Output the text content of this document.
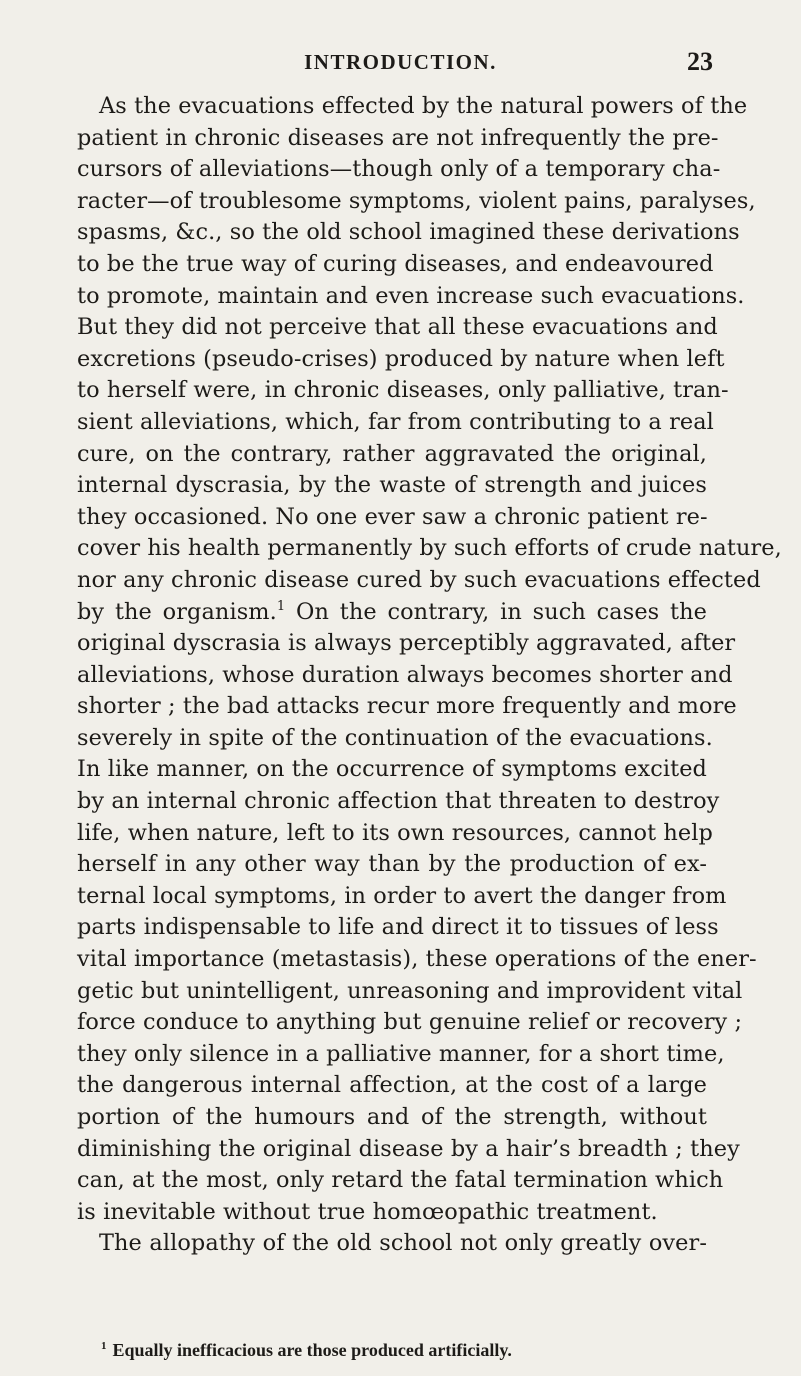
INTRODUCTION.	23
As the evacuations effected by the natural powers of the
patient in chronic diseases are not infrequently the pre-
cursors of alleviations—though only of a temporary cha-
racter—of troublesome symptoms, violent pains, paralyses,
spasms, &c., so the old school imagined these derivations
to be the true way of curing diseases, and endeavoured
to promote, maintain and even increase such evacuations.
But they did not perceive that all these evacuations and
excretions (pseudo-crises) produced by nature when left
to herself were, in chronic diseases, only palliative, tran-
sient alleviations, which, far from contributing to a real
cure, on the contrary, rather aggravated the original,
internal dyscrasia, by the waste of strength and juices
they occasioned. No one ever saw a chronic patient re-
cover his health permanently by such efforts of crude nature,
nor any chronic disease cured by such evacuations effected
by the organism.$^1$ On the contrary, in such cases the
original dyscrasia is always perceptibly aggravated, after
alleviations, whose duration always becomes shorter and
shorter ; the bad attacks recur more frequently and more
severely in spite of the continuation of the evacuations.
In like manner, on the occurrence of symptoms excited
by an internal chronic affection that threaten to destroy
life, when nature, left to its own resources, cannot help
herself in any other way than by the production of ex-
ternal local symptoms, in order to avert the danger from
parts indispensable to life and direct it to tissues of less
vital importance (metastasis), these operations of the ener-
getic but unintelligent, unreasoning and improvident vital
force conduce to anything but genuine relief or recovery ;
they only silence in a palliative manner, for a short time,
the dangerous internal affection, at the cost of a large
portion of the humours and of the strength, without
diminishing the original disease by a hair’s breadth ; they
can, at the most, only retard the fatal termination which
is inevitable without true homœopathic treatment.
The allopathy of the old school not only greatly over-
$^1$ Equally inefficacious are those produced artificially.
